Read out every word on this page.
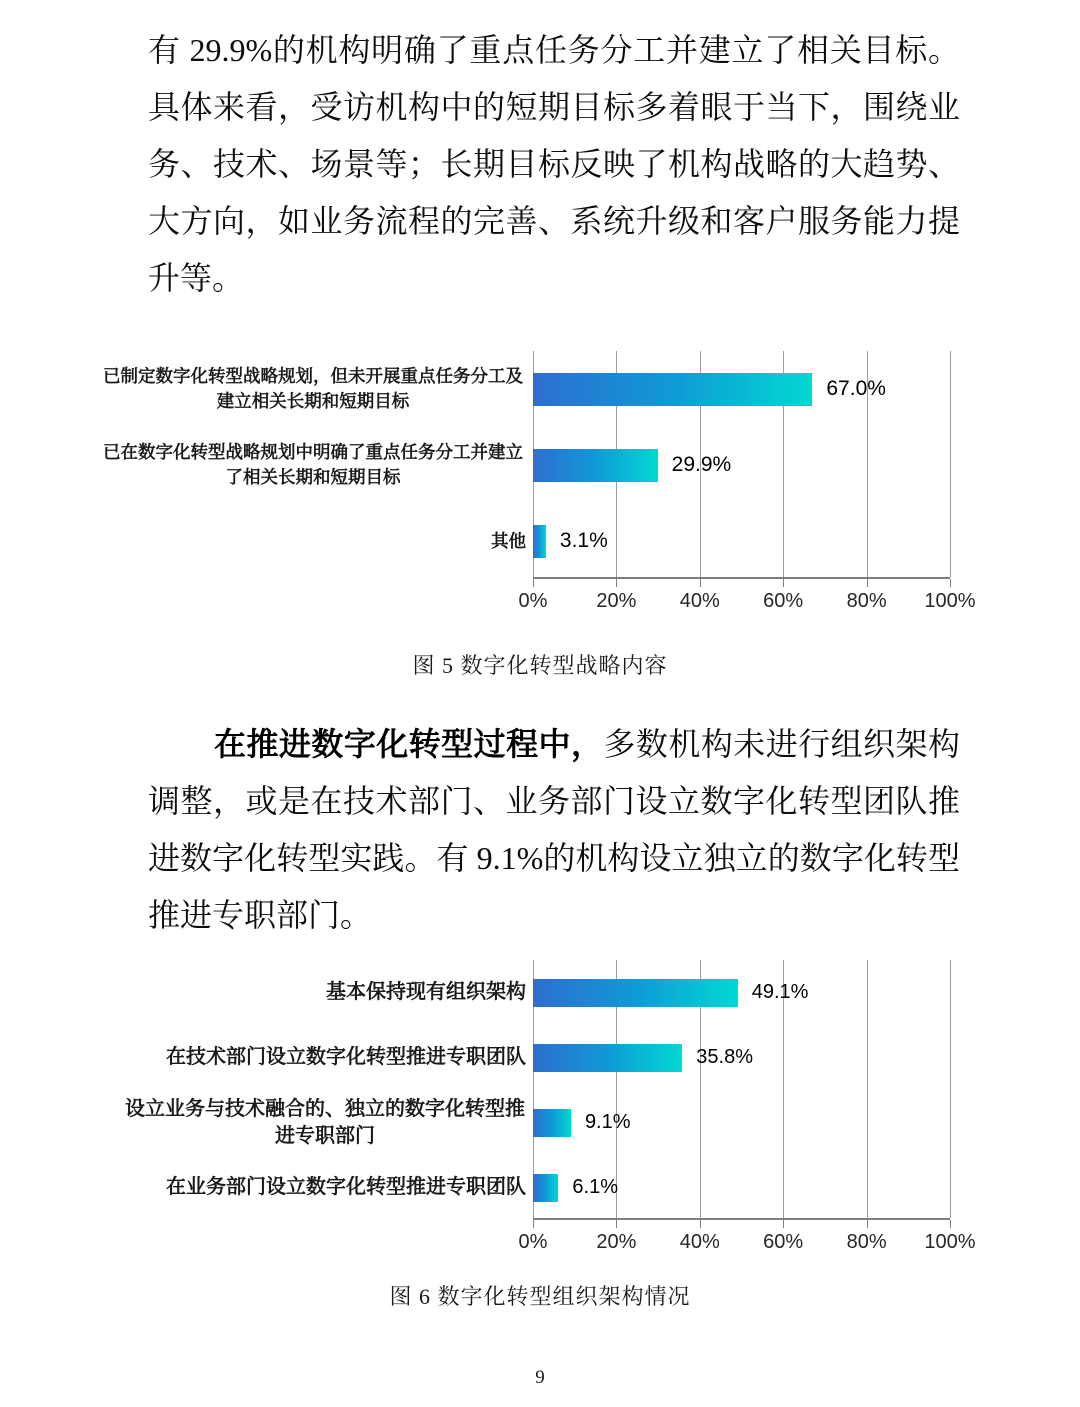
有 29.9%的机构明确了重点任务分工并建立了相关目标。具体来看，受访机构中的短期目标多着眼于当下，围绕业务、技术、场景等；长期目标反映了机构战略的大趋势、大方向，如业务流程的完善、系统升级和客户服务能力提升等。

已制定数字化转型战略规划，但未开展重点任务分工及建立相关长期和短期目标
已在数字化转型战略规划中明确了重点任务分工并建立了相关长期和短期目标
其他
67.0%
29.9%
3.1%
0% 20% 40% 60% 80% 100%
图 5 数字化转型战略内容

在推进数字化转型过程中，多数机构未进行组织架构调整，或是在技术部门、业务部门设立数字化转型团队推进数字化转型实践。有 9.1%的机构设立独立的数字化转型推进专职部门。

基本保持现有组织架构
在技术部门设立数字化转型推进专职团队
设立业务与技术融合的、独立的数字化转型推进专职部门
在业务部门设立数字化转型推进专职团队
49.1%
35.8%
9.1%
6.1%
0% 20% 40% 60% 80% 100%
图 6 数字化转型组织架构情况
9
